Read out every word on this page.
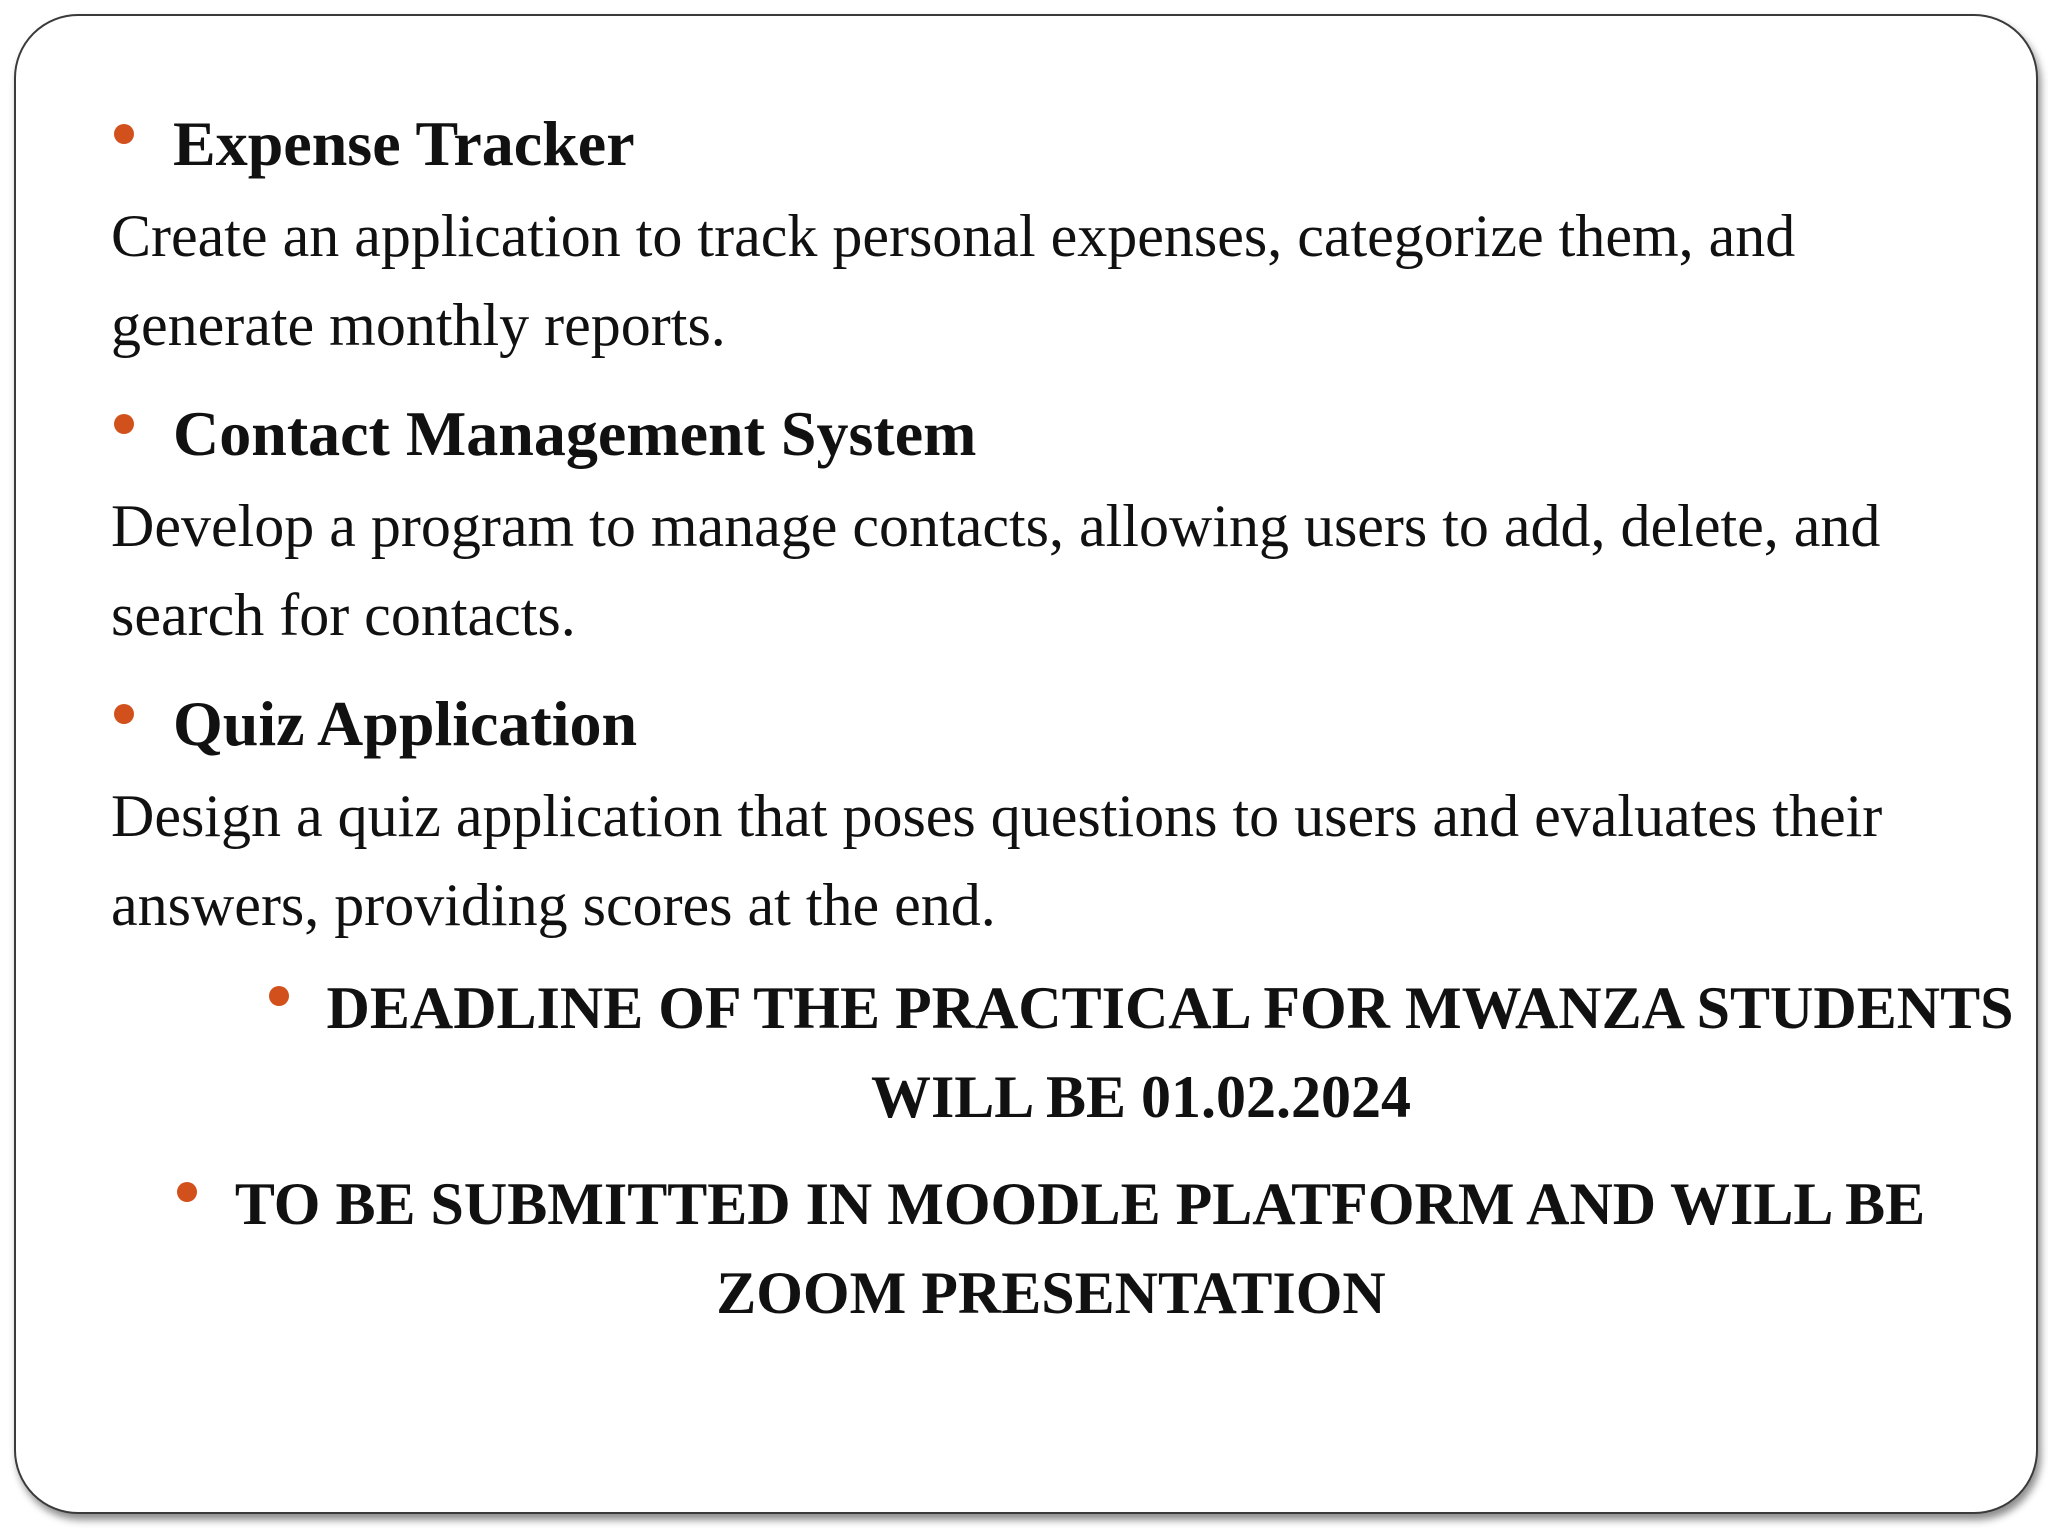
Expense Tracker
Create an application to track personal expenses, categorize them, and generate monthly reports.
Contact Management System
Develop a program to manage contacts, allowing users to add, delete, and search for contacts.
Quiz Application
Design a quiz application that poses questions to users and evaluates their answers, providing scores at the end.
DEADLINE OF THE PRACTICAL FOR MWANZA STUDENTS WILL BE 01.02.2024
TO BE SUBMITTED IN MOODLE PLATFORM AND WILL BE ZOOM PRESENTATION
